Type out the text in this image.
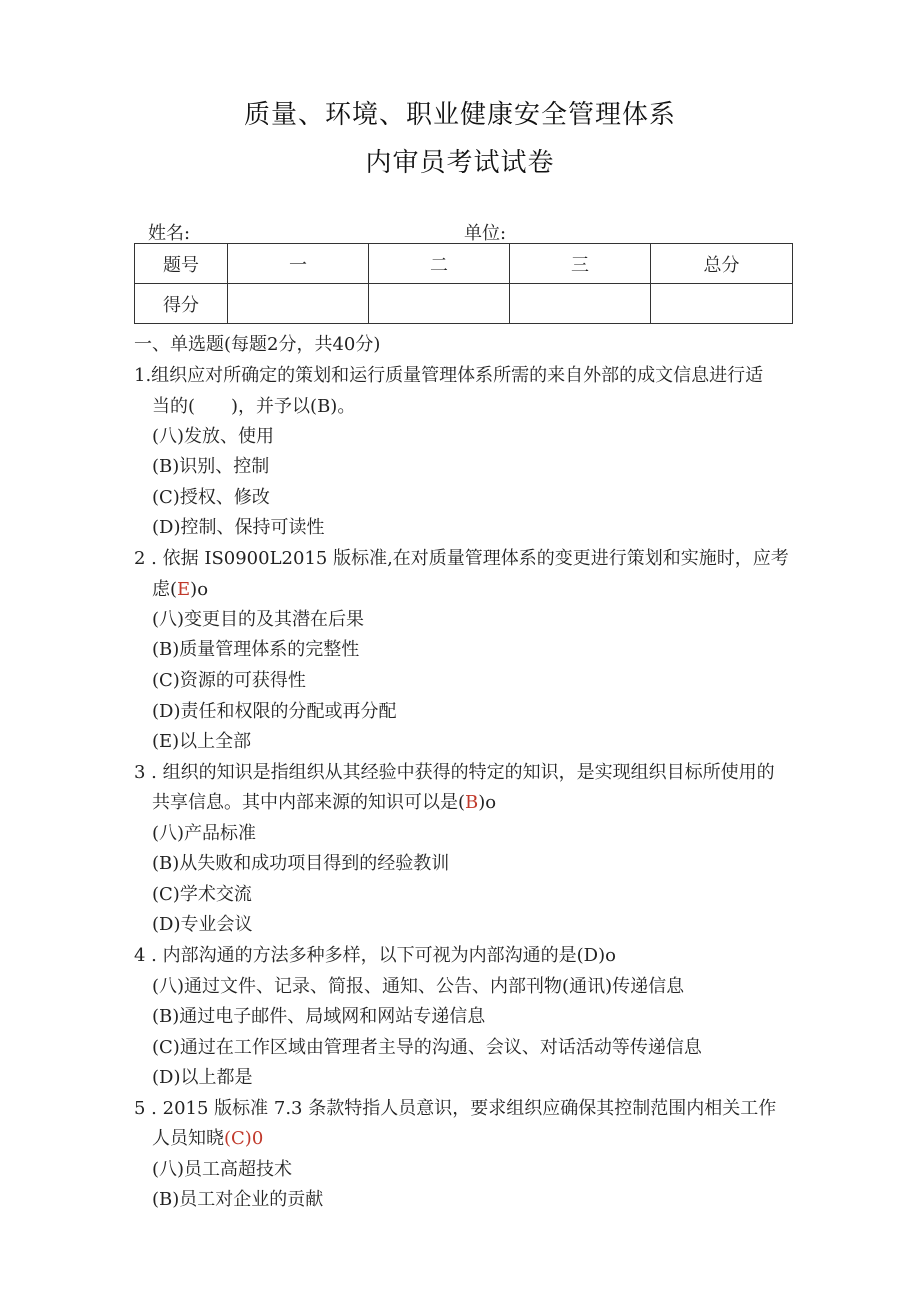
质量、环境、职业健康安全管理体系
内审员考试试卷
姓名:	单位:
题号	一	二	三	总分
得分				
一、单选题(每题2分，共40分)
1.组织应对所确定的策划和运行质量管理体系所需的来自外部的成文信息进行适
当的(　　)，并予以(B)。
(八)发放、使用
(B)识别、控制
(C)授权、修改
(D)控制、保持可读性
2 . 依据 IS0900L2015 版标准,在对质量管理体系的变更进行策划和实施时，应考
虑(E)o
(八)变更目的及其潜在后果
(B)质量管理体系的完整性
(C)资源的可获得性
(D)责任和权限的分配或再分配
(E)以上全部
3 . 组织的知识是指组织从其经验中获得的特定的知识，是实现组织目标所使用的
共享信息。其中内部来源的知识可以是(B)o
(八)产品标准
(B)从失败和成功项目得到的经验教训
(C)学术交流
(D)专业会议
4 . 内部沟通的方法多种多样，以下可视为内部沟通的是(D)o
(八)通过文件、记录、简报、通知、公告、内部刊物(通讯)传递信息
(B)通过电子邮件、局域网和网站专递信息
(C)通过在工作区域由管理者主导的沟通、会议、对话活动等传递信息
(D)以上都是
5 . 2015 版标准 7.3 条款特指人员意识，要求组织应确保其控制范围内相关工作
人员知晓(C)0
(八)员工高超技术
(B)员工对企业的贡献
